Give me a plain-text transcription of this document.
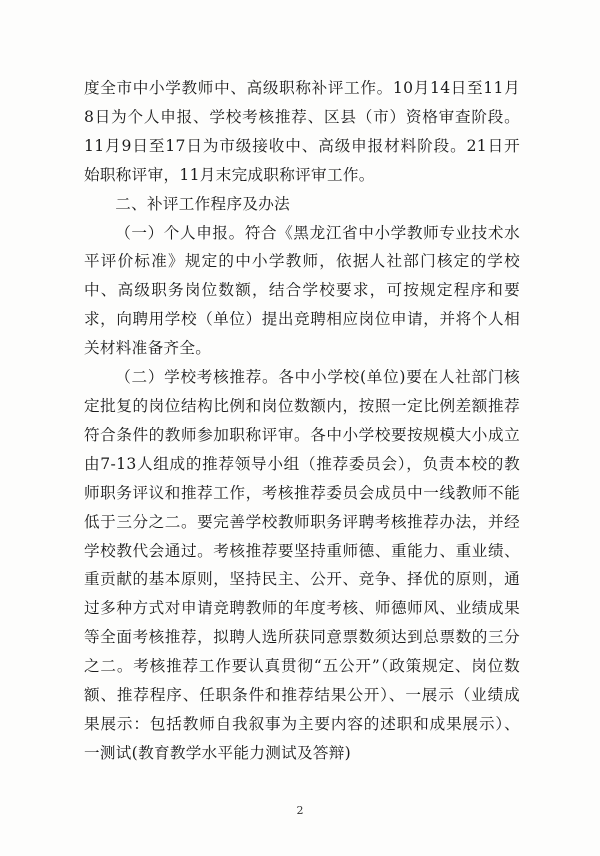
度全市中小学教师中、高级职称补评工作。10月14日至11月8日为个人申报、学校考核推荐、区县（市）资格审查阶段。11月9日至17日为市级接收中、高级申报材料阶段。21日开始职称评审，11月末完成职称评审工作。

二、补评工作程序及办法

（一）个人申报。符合《黑龙江省中小学教师专业技术水平评价标准》规定的中小学教师，依据人社部门核定的学校中、高级职务岗位数额，结合学校要求，可按规定程序和要求，向聘用学校（单位）提出竞聘相应岗位申请，并将个人相关材料准备齐全。

（二）学校考核推荐。各中小学校(单位)要在人社部门核定批复的岗位结构比例和岗位数额内，按照一定比例差额推荐符合条件的教师参加职称评审。各中小学校要按规模大小成立由7-13人组成的推荐领导小组（推荐委员会），负责本校的教师职务评议和推荐工作，考核推荐委员会成员中一线教师不能低于三分之二。要完善学校教师职务评聘考核推荐办法，并经学校教代会通过。考核推荐要坚持重师德、重能力、重业绩、重贡献的基本原则，坚持民主、公开、竞争、择优的原则，通过多种方式对申请竞聘教师的年度考核、师德师风、业绩成果等全面考核推荐，拟聘人选所获同意票数须达到总票数的三分之二。考核推荐工作要认真贯彻“五公开”（政策规定、岗位数额、推荐程序、任职条件和推荐结果公开）、一展示（业绩成果展示：包括教师自我叙事为主要内容的述职和成果展示）、一测试(教育教学水平能力测试及答辩)

2
